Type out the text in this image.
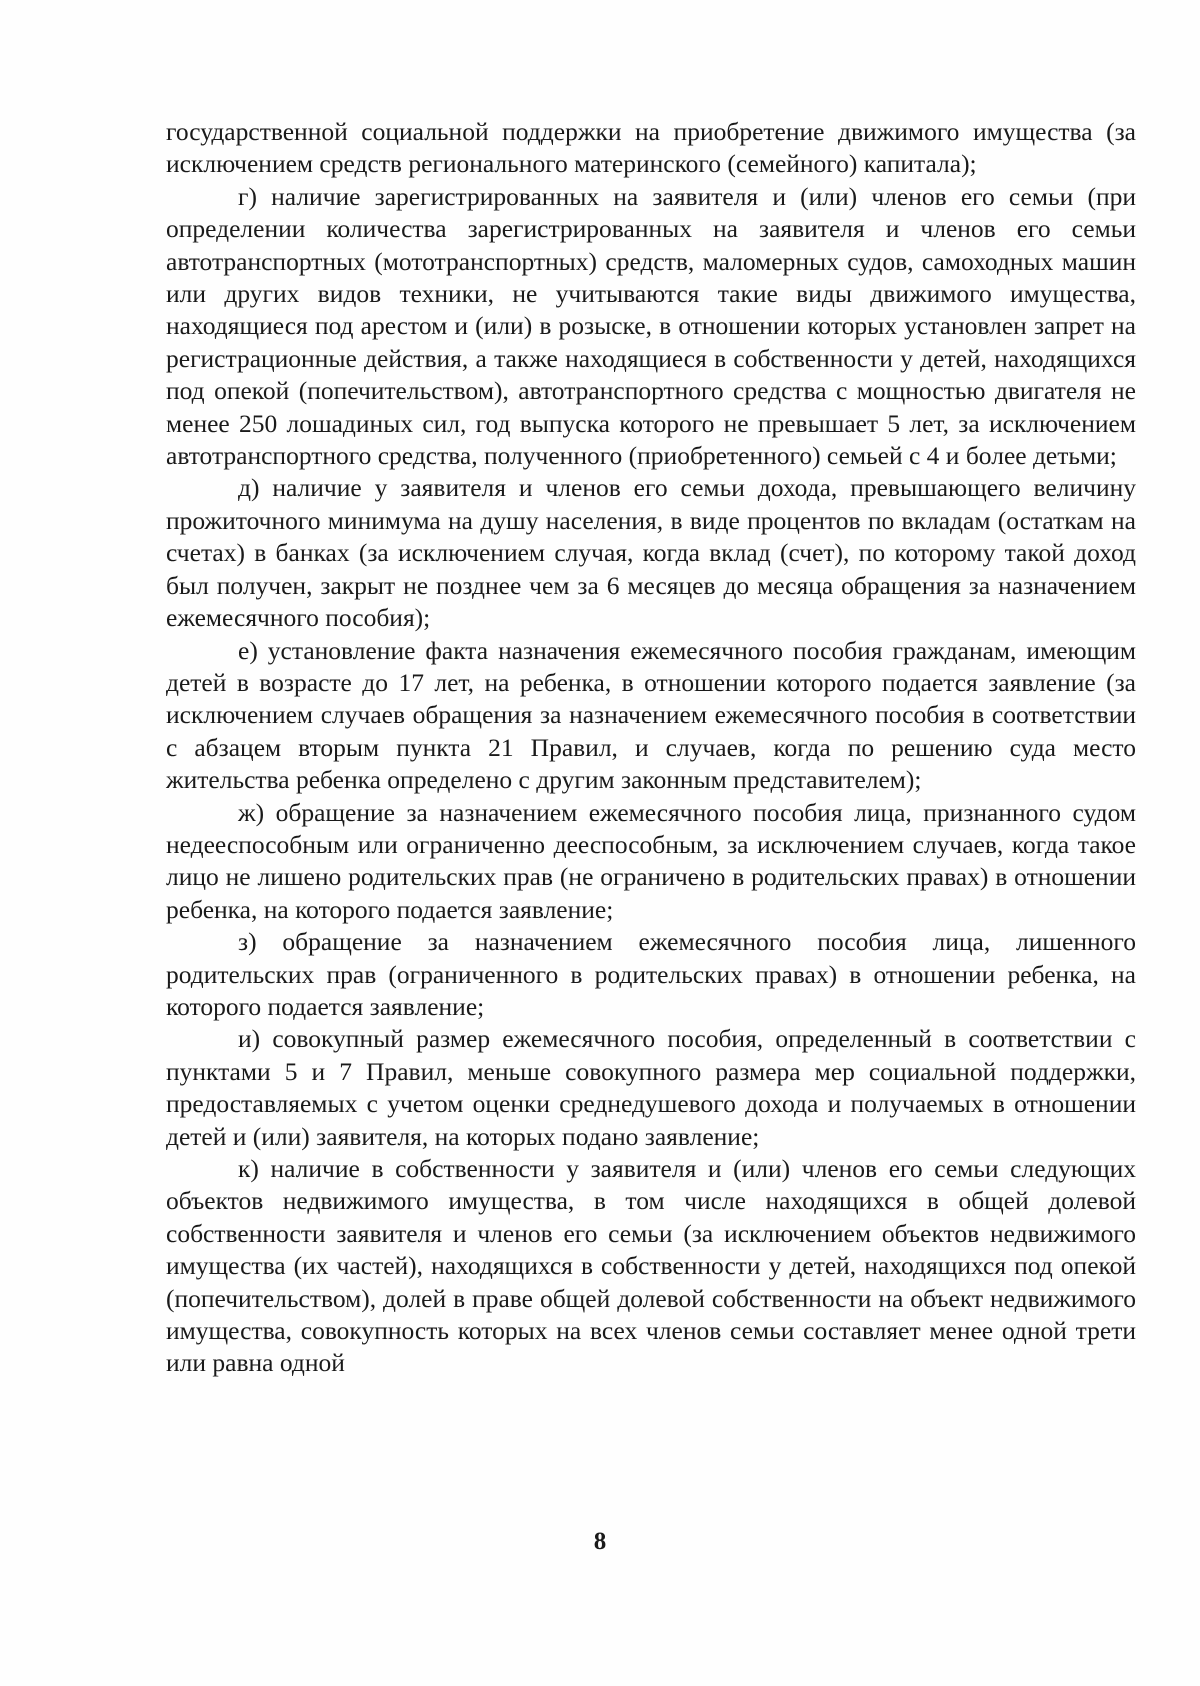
государственной социальной поддержки на приобретение движимого имущества (за исключением средств регионального материнского (семейного) капитала);

г) наличие зарегистрированных на заявителя и (или) членов его семьи (при определении количества зарегистрированных на заявителя и членов его семьи автотранспортных (мототранспортных) средств, маломерных судов, самоходных машин или других видов техники, не учитываются такие виды движимого имущества, находящиеся под арестом и (или) в розыске, в отношении которых установлен запрет на регистрационные действия, а также находящиеся в собственности у детей, находящихся под опекой (попечительством), автотранспортного средства с мощностью двигателя не менее 250 лошадиных сил, год выпуска которого не превышает 5 лет, за исключением автотранспортного средства, полученного (приобретенного) семьей с 4 и более детьми;

д) наличие у заявителя и членов его семьи дохода, превышающего величину прожиточного минимума на душу населения, в виде процентов по вкладам (остаткам на счетах) в банках (за исключением случая, когда вклад (счет), по которому такой доход был получен, закрыт не позднее чем за 6 месяцев до месяца обращения за назначением ежемесячного пособия);

е) установление факта назначения ежемесячного пособия гражданам, имеющим детей в возрасте до 17 лет, на ребенка, в отношении которого подается заявление (за исключением случаев обращения за назначением ежемесячного пособия в соответствии с абзацем вторым пункта 21 Правил, и случаев, когда по решению суда место жительства ребенка определено с другим законным представителем);

ж) обращение за назначением ежемесячного пособия лица, признанного судом недееспособным или ограниченно дееспособным, за исключением случаев, когда такое лицо не лишено родительских прав (не ограничено в родительских правах) в отношении ребенка, на которого подается заявление;

з) обращение за назначением ежемесячного пособия лица, лишенного родительских прав (ограниченного в родительских правах) в отношении ребенка, на которого подается заявление;

и) совокупный размер ежемесячного пособия, определенный в соответствии с пунктами 5 и 7 Правил, меньше совокупного размера мер социальной поддержки, предоставляемых с учетом оценки среднедушевого дохода и получаемых в отношении детей и (или) заявителя, на которых подано заявление;

к) наличие в собственности у заявителя и (или) членов его семьи следующих объектов недвижимого имущества, в том числе находящихся в общей долевой собственности заявителя и членов его семьи (за исключением объектов недвижимого имущества (их частей), находящихся в собственности у детей, находящихся под опекой (попечительством), долей в праве общей долевой собственности на объект недвижимого имущества, совокупность которых на всех членов семьи составляет менее одной трети или равна одной

8
